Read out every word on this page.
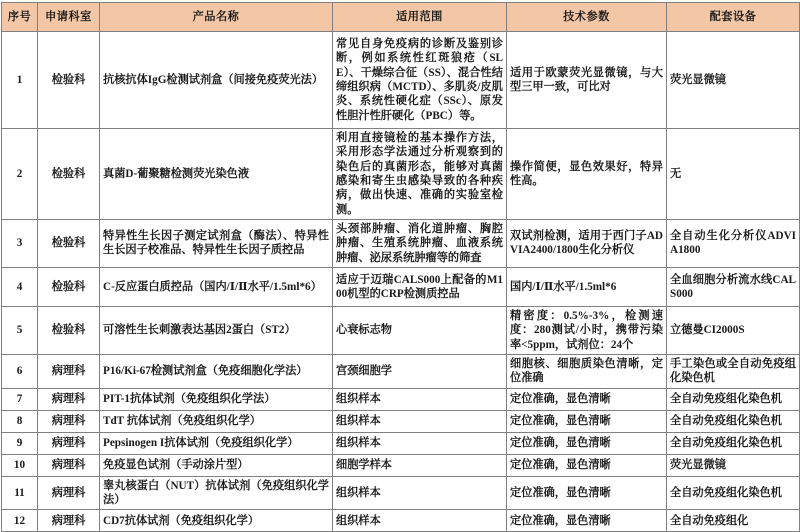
序号	申请科室	产品名称	适用范围	技术参数	配套设备
1	检验科	抗核抗体IgG检测试剂盒（间接免疫荧光法）	常见自身免疫病的诊断及鉴别诊断，例如系统性红斑狼疮（SLE）、干燥综合征（SS）、混合性结缔组织病（MCTD）、多肌炎/皮肌炎、系统性硬化症（SSc）、原发性胆汁性肝硬化（PBC）等。	适用于欧蒙荧光显微镜，与大型三甲一致，可比对	荧光显微镜
2	检验科	真菌D-葡聚糖检测荧光染色液	利用直接镜检的基本操作方法，采用形态学法通过分析观察到的染色后的真菌形态，能够对真菌感染和寄生虫感染导致的各种疾病，做出快速、准确的实验室检测。	操作简便，显色效果好，特异性高。	无
3	检验科	特异性生长因子测定试剂盒（酶法）、特异性生长因子校准品、特异性生长因子质控品	头颈部肿瘤、消化道肿瘤、胸腔肿瘤、生殖系统肿瘤、血液系统肿瘤、泌尿系统肿瘤等的筛查	双试剂检测，适用于西门子ADVIA2400/1800生化分析仪	全自动生化分析仪ADVIA1800
4	检验科	C-反应蛋白质控品（国内/Ⅰ/Ⅱ水平/1.5ml*6）	适应于迈瑞CALS000上配备的M100机型的CRP检测质控品	国内/Ⅰ/Ⅱ水平/1.5ml*6	全血细胞分析流水线CALS000
5	检验科	可溶性生长刺激表达基因2蛋白（ST2）	心衰标志物	精密度：0.5%-3%，检测速度：280测试/小时，携带污染率<5ppm，试剂位：24个	立德曼CI2000S
6	病理科	P16/Ki-67检测试剂盒（免疫细胞化学法）	宫颈细胞学	细胞核、细胞质染色清晰，定位准确	手工染色或全自动免疫组化染色机
7	病理科	PIT-1抗体试剂（免疫组织化学法）	组织样本	定位准确，显色清晰	全自动免疫组化染色机
8	病理科	TdT 抗体试剂（免疫组织化学）	组织样本	定位准确，显色清晰	全自动免疫组化染色机
9	病理科	Pepsinogen I抗体试剂（免疫组织化学）	组织样本	定位准确，显色清晰	全自动免疫组化染色机
10	病理科	免疫显色试剂（手动涂片型）	细胞学样本	定位准确，显色清晰	荧光显微镜
11	病理科	睾丸核蛋白（NUT）抗体试剂（免疫组织化学法）	组织样本	定位准确，显色清晰	全自动免疫组化染色机
12	病理科	CD7抗体试剂（免疫组织化学）	组织样本	定位准确，显色清晰	全自动免疫组化
